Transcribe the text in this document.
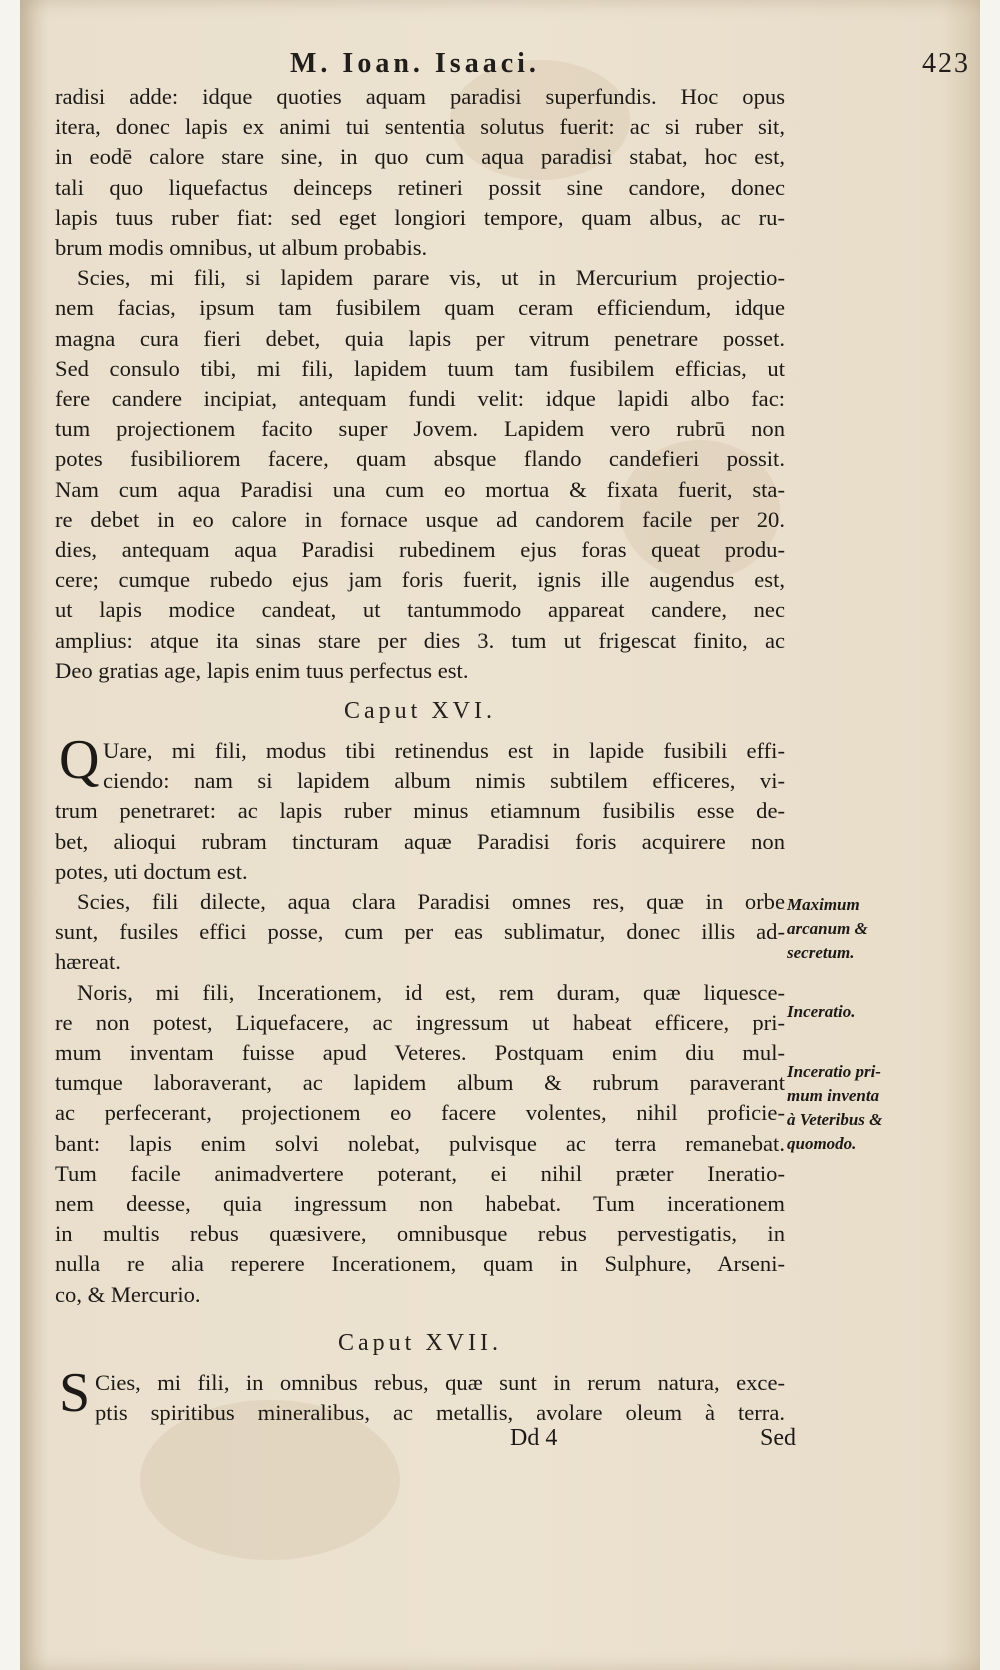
M. Ioan. Isaaci.	423
radisi adde: idque quoties aquam paradisi superfundis. Hoc opus
itera, donec lapis ex animi tui sententia solutus fuerit: ac si ruber sit,
in eodē calore stare sine, in quo cum aqua paradisi stabat, hoc est,
tali quo liquefactus deinceps retineri possit sine candore, donec
lapis tuus ruber fiat: sed eget longiori tempore, quam albus, ac ru-
brum modis omnibus, ut album probabis.
Scies, mi fili, si lapidem parare vis, ut in Mercurium projectio-
nem facias, ipsum tam fusibilem quam ceram efficiendum, idque
magna cura fieri debet, quia lapis per vitrum penetrare posset.
Sed consulo tibi, mi fili, lapidem tuum tam fusibilem efficias, ut
fere candere incipiat, antequam fundi velit: idque lapidi albo fac:
tum projectionem facito super Jovem. Lapidem vero rubrū non
potes fusibiliorem facere, quam absque flando candefieri possit.
Nam cum aqua Paradisi una cum eo mortua & fixata fuerit, sta-
re debet in eo calore in fornace usque ad candorem facile per 20.
dies, antequam aqua Paradisi rubedinem ejus foras queat produ-
cere; cumque rubedo ejus jam foris fuerit, ignis ille augendus est,
ut lapis modice candeat, ut tantummodo appareat candere, nec
amplius: atque ita sinas stare per dies 3. tum ut frigescat finito, ac
Deo gratias age, lapis enim tuus perfectus est.
Caput XVI.
Q Uare, mi fili, modus tibi retinendus est in lapide fusibili effi-
ciendo: nam si lapidem album nimis subtilem efficeres, vi-
trum penetraret: ac lapis ruber minus etiamnum fusibilis esse de-
bet, alioqui rubram tincturam aquæ Paradisi foris acquirere non
potes, uti doctum est.
Scies, fili dilecte, aqua clara Paradisi omnes res, quæ in orbe
sunt, fusiles effici posse, cum per eas sublimatur, donec illis ad-
hæreat.
Noris, mi fili, Incerationem, id est, rem duram, quæ liquesce-
re non potest, Liquefacere, ac ingressum ut habeat efficere, pri-
mum inventam fuisse apud Veteres. Postquam enim diu mul-
tumque laboraverant, ac lapidem album & rubrum paraverant
ac perfecerant, projectionem eo facere volentes, nihil proficie-
bant: lapis enim solvi nolebat, pulvisque ac terra remanebat.
Tum facile animadvertere poterant, ei nihil præter Ineratio-
nem deesse, quia ingressum non habebat. Tum incerationem
in multis rebus quæsivere, omnibusque rebus pervestigatis, in
nulla re alia reperere Incerationem, quam in Sulphure, Arseni-
co, & Mercurio.
Caput XVII.
S Cies, mi fili, in omnibus rebus, quæ sunt in rerum natura, exce-
ptis spiritibus mineralibus, ac metallis, avolare oleum à terra.
Maximum
arcanum &
secretum.
Inceratio.
Inceratio pri-
mum inventa
à Veteribus &
quomodo.
Dd 4	Sed
